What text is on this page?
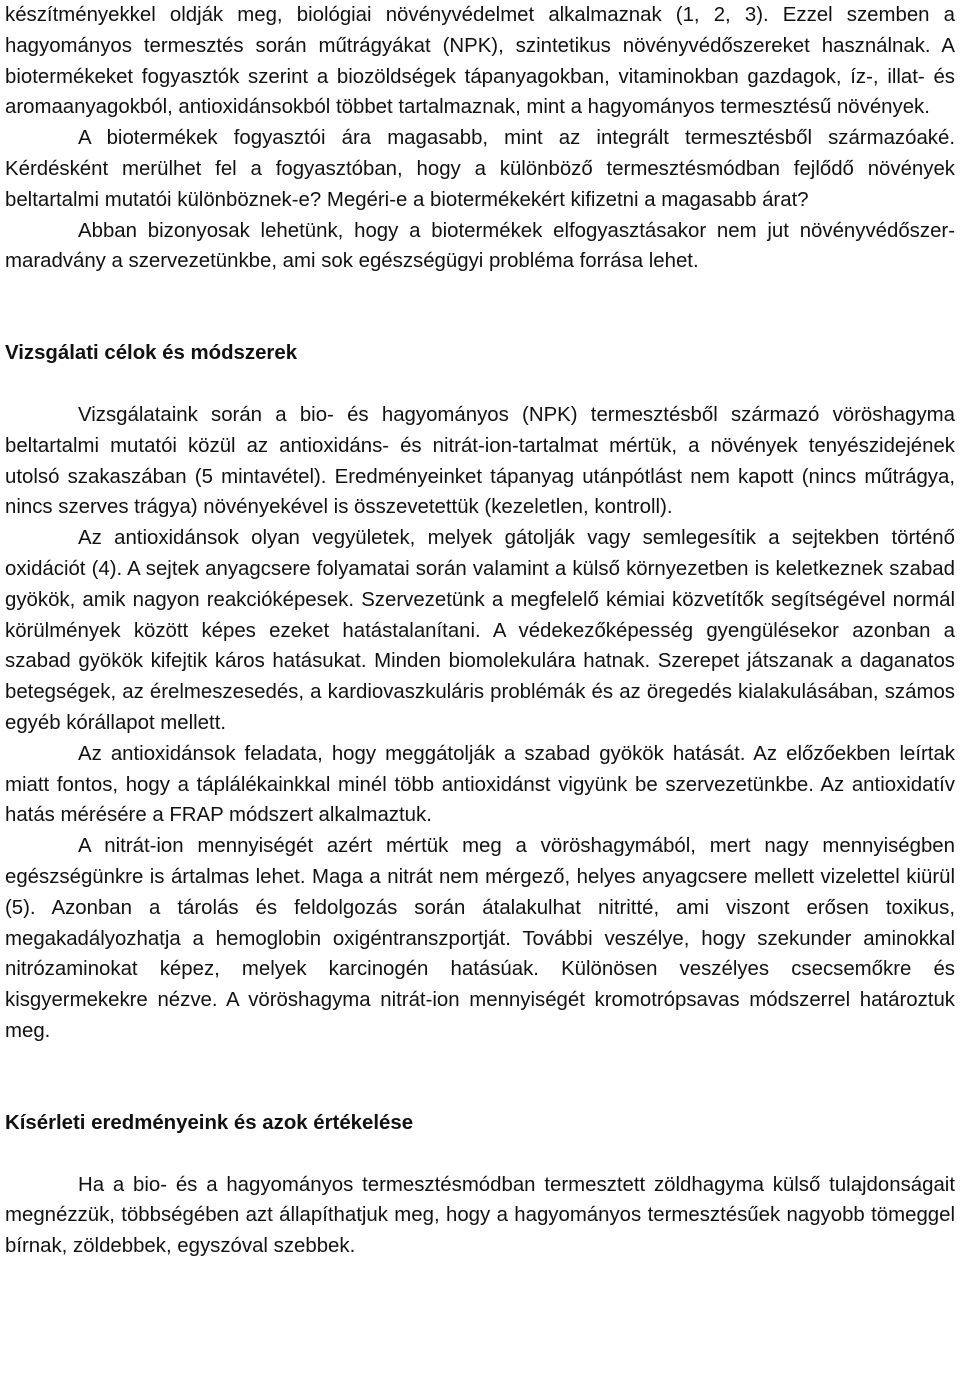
készítményekkel oldják meg, biológiai növényvédelmet alkalmaznak (1, 2, 3). Ezzel szemben a hagyományos termesztés során műtrágyákat (NPK), szintetikus növényvédőszereket használnak. A biotermékeket fogyasztók szerint a biozöldségek tápanyagokban, vitaminokban gazdagok, íz-, illat- és aromaanyagokból, antioxidánsokból többet tartalmaznak, mint a hagyományos termesztésű növények.

A biotermékek fogyasztói ára magasabb, mint az integrált termesztésből származóaké. Kérdésként merülhet fel a fogyasztóban, hogy a különböző termesztésmódban fejlődő növények beltartalmi mutatói különböznek-e? Megéri-e a biotermékekért kifizetni a magasabb árat?

Abban bizonyosak lehetünk, hogy a biotermékek elfogyasztásakor nem jut növényvédőszer-maradvány a szervezetünkbe, ami sok egészségügyi probléma forrása lehet.

Vizsgálati célok és módszerek

Vizsgálataink során a bio- és hagyományos (NPK) termesztésből származó vöröshagyma beltartalmi mutatói közül az antioxidáns- és nitrát-ion-tartalmat mértük, a növények tenyészidejének utolsó szakaszában (5 mintavétel). Eredményeinket tápanyag utánpótlást nem kapott (nincs műtrágya, nincs szerves trágya) növényekével is összevetettük (kezeletlen, kontroll).

Az antioxidánsok olyan vegyületek, melyek gátolják vagy semlegesítik a sejtekben történő oxidációt (4). A sejtek anyagcsere folyamatai során valamint a külső környezetben is keletkeznek szabad gyökök, amik nagyon reakcióképesek. Szervezetünk a megfelelő kémiai közvetítők segítségével normál körülmények között képes ezeket hatástalanítani. A védekezőképesség gyengülésekor azonban a szabad gyökök kifejtik káros hatásukat. Minden biomolekulára hatnak. Szerepet játszanak a daganatos betegségek, az érelmeszesedés, a kardiovaszkuláris problémák és az öregedés kialakulásában, számos egyéb kórállapot mellett.

Az antioxidánsok feladata, hogy meggátolják a szabad gyökök hatását. Az előzőekben leírtak miatt fontos, hogy a táplálékainkkal minél több antioxidánst vigyünk be szervezetünkbe. Az antioxidatív hatás mérésére a FRAP módszert alkalmaztuk.

A nitrát-ion mennyiségét azért mértük meg a vöröshagymából, mert nagy mennyiségben egészségünkre is ártalmas lehet. Maga a nitrát nem mérgező, helyes anyagcsere mellett vizelettel kiürül (5). Azonban a tárolás és feldolgozás során átalakulhat nitritté, ami viszont erősen toxikus, megakadályozhatja a hemoglobin oxigéntranszportját. További veszélye, hogy szekunder aminokkal nitrózaminokat képez, melyek karcinogén hatásúak. Különösen veszélyes csecsemőkre és kisgyermekekre nézve. A vöröshagyma nitrát-ion mennyiségét kromotrópsavas módszerrel határoztuk meg.

Kísérleti eredményeink és azok értékelése

Ha a bio- és a hagyományos termesztésmódban termesztett zöldhagyma külső tulajdonságait megnézzük, többségében azt állapíthatjuk meg, hogy a hagyományos termesztésűek nagyobb tömeggel bírnak, zöldebbek, egyszóval szebbek.
